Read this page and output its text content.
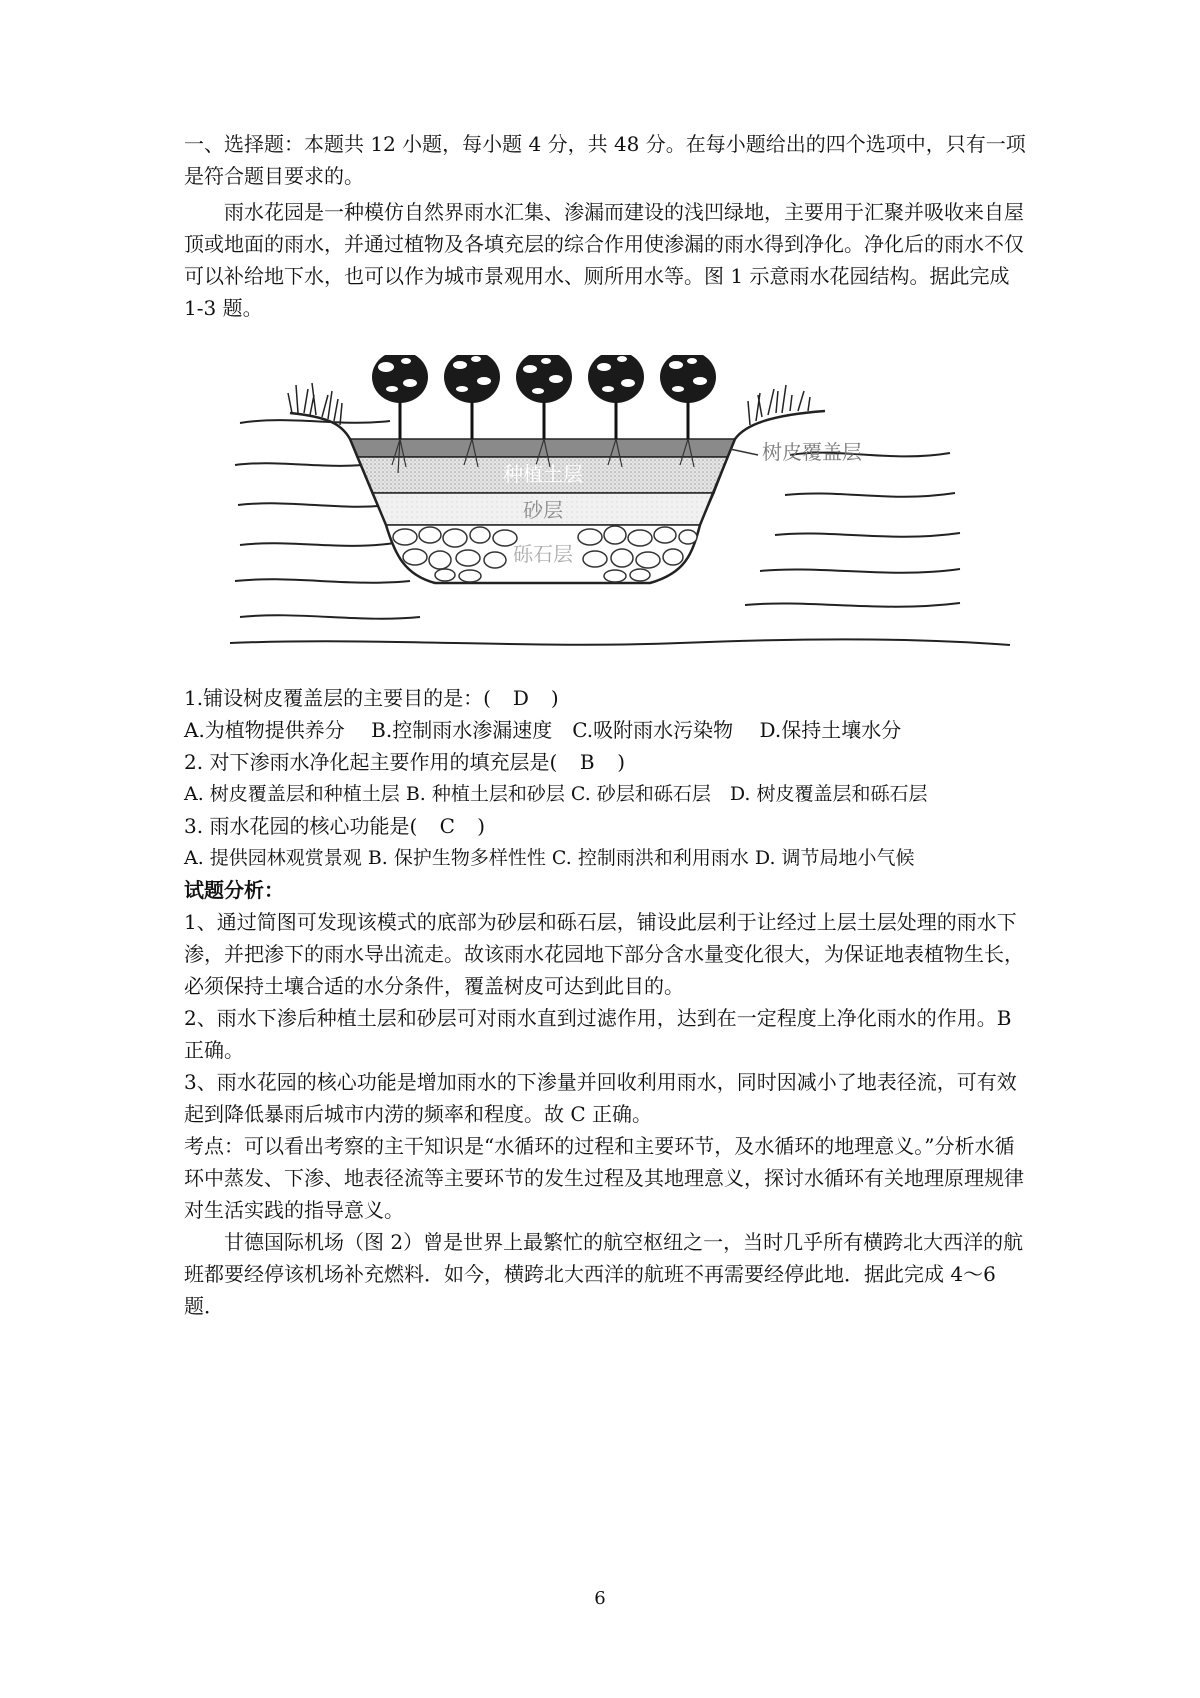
一、选择题：本题共 12 小题，每小题 4 分，共 48 分。在每小题给出的四个选项中，只有一项是符合题目要求的。

雨水花园是一种模仿自然界雨水汇集、渗漏而建设的浅凹绿地，主要用于汇聚并吸收来自屋顶或地面的雨水，并通过植物及各填充层的综合作用使渗漏的雨水得到净化。净化后的雨水不仅可以补给地下水，也可以作为城市景观用水、厕所用水等。图 1 示意雨水花园结构。据此完成 1-3 题。

树皮覆盖层
种植土层
砂层
砾石层

1.铺设树皮覆盖层的主要目的是：( D )

A.为植物提供养分　 B.控制雨水渗漏速度　C.吸附雨水污染物　 D.保持土壤水分

2. 对下渗雨水净化起主要作用的填充层是( B )

A. 树皮覆盖层和种植土层 B. 种植土层和砂层 C. 砂层和砾石层　D. 树皮覆盖层和砾石层

3. 雨水花园的核心功能是( C )

A. 提供园林观赏景观 B. 保护生物多样性性 C. 控制雨洪和利用雨水 D. 调节局地小气候

试题分析：

1、通过简图可发现该模式的底部为砂层和砾石层，铺设此层利于让经过上层土层处理的雨水下渗，并把渗下的雨水导出流走。故该雨水花园地下部分含水量变化很大，为保证地表植物生长，必须保持土壤合适的水分条件，覆盖树皮可达到此目的。

2、雨水下渗后种植土层和砂层可对雨水直到过滤作用，达到在一定程度上净化雨水的作用。B 正确。

3、雨水花园的核心功能是增加雨水的下渗量并回收利用雨水，同时因减小了地表径流，可有效起到降低暴雨后城市内涝的频率和程度。故 C 正确。

考点：可以看出考察的主干知识是“水循环的过程和主要环节，及水循环的地理意义。”分析水循环中蒸发、下渗、地表径流等主要环节的发生过程及其地理意义，探讨水循环有关地理原理规律对生活实践的指导意义。

甘德国际机场（图 2）曾是世界上最繁忙的航空枢纽之一，当时几乎所有横跨北大西洋的航班都要经停该机场补充燃料．如今，横跨北大西洋的航班不再需要经停此地．据此完成 4～6 题．

6
